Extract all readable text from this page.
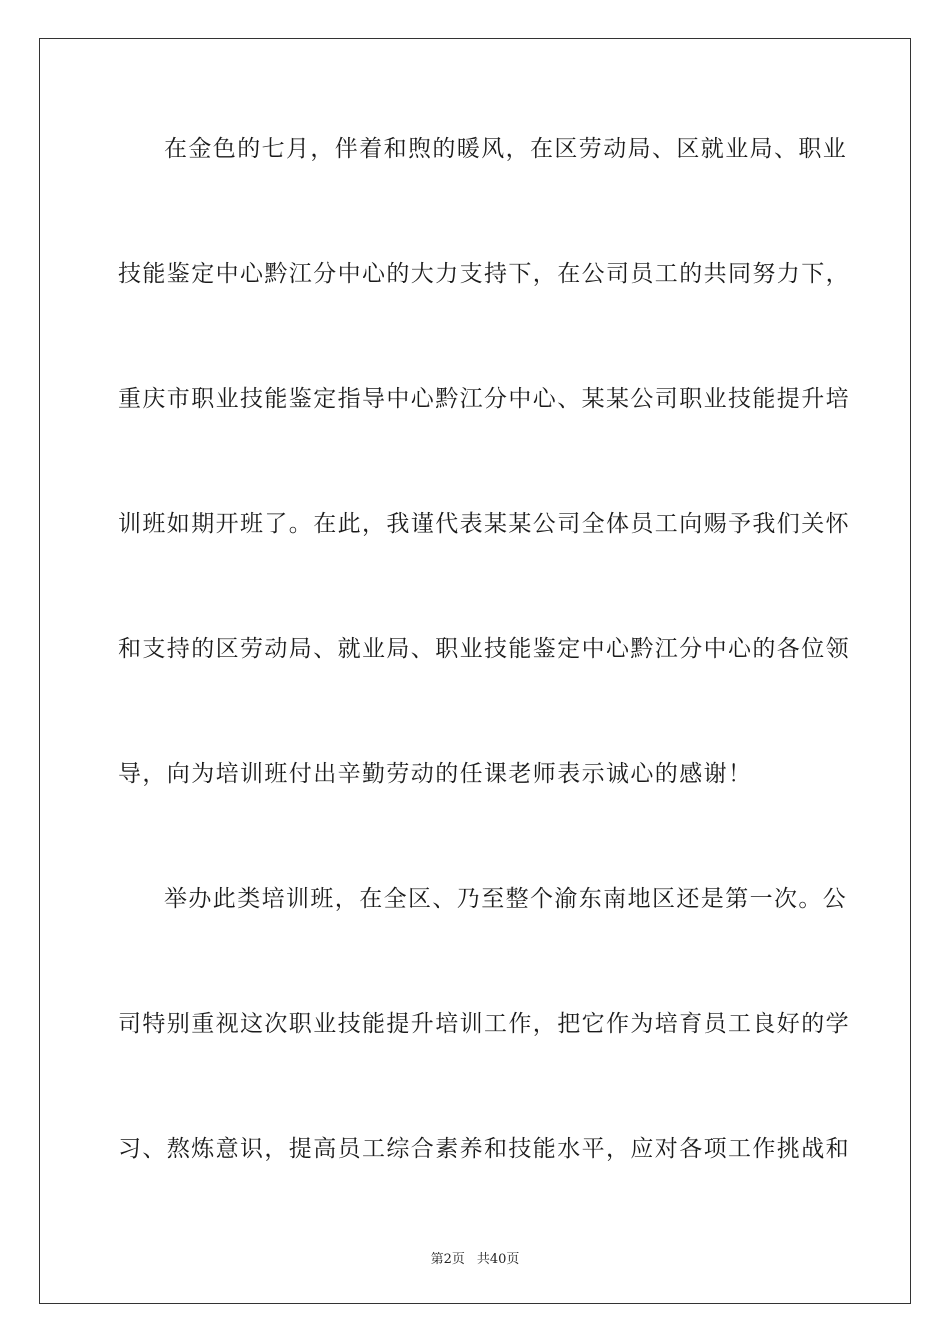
在金色的七月，伴着和煦的暖风，在区劳动局、区就业局、职业
技能鉴定中心黔江分中心的大力支持下，在公司员工的共同努力下，
重庆市职业技能鉴定指导中心黔江分中心、某某公司职业技能提升培
训班如期开班了。在此，我谨代表某某公司全体员工向赐予我们关怀
和支持的区劳动局、就业局、职业技能鉴定中心黔江分中心的各位领
导，向为培训班付出辛勤劳动的任课老师表示诚心的感谢！
举办此类培训班，在全区、乃至整个渝东南地区还是第一次。公
司特别重视这次职业技能提升培训工作，把它作为培育员工良好的学
习、熬炼意识，提高员工综合素养和技能水平，应对各项工作挑战和
第2页 共40页
